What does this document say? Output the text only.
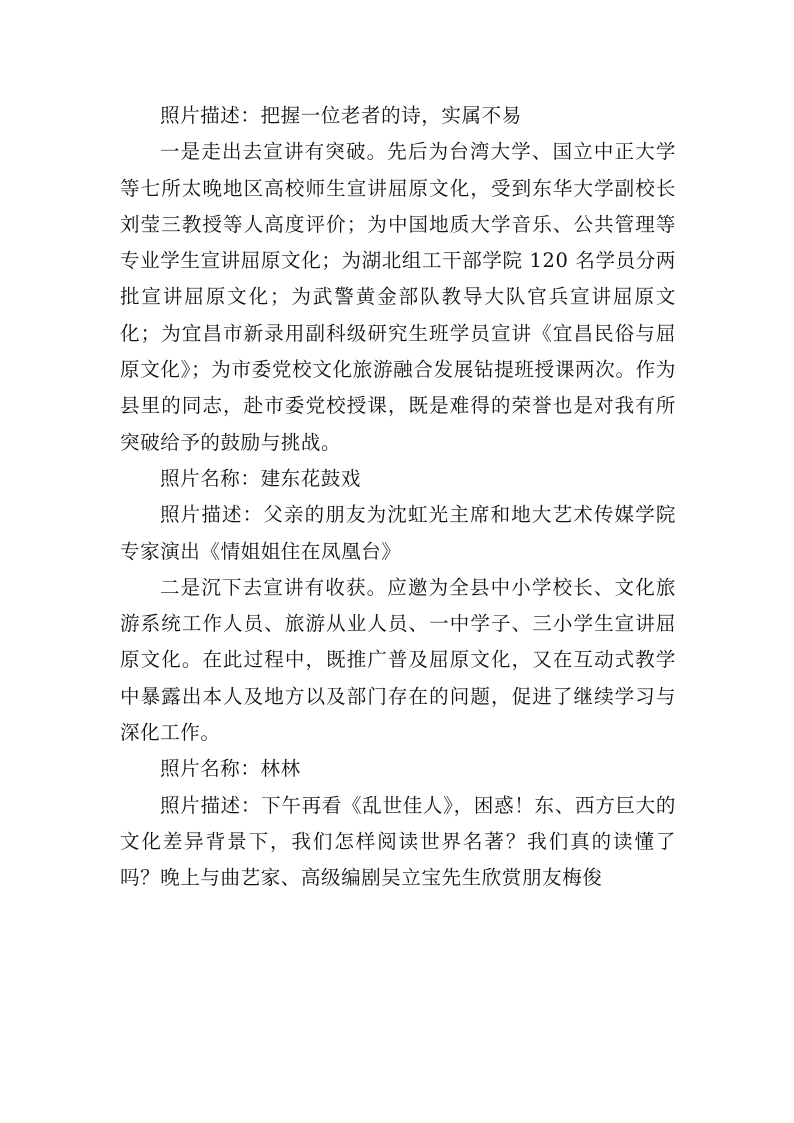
照片描述：把握一位老者的诗，实属不易

一是走出去宣讲有突破。先后为台湾大学、国立中正大学等七所太晚地区高校师生宣讲屈原文化，受到东华大学副校长刘莹三教授等人高度评价；为中国地质大学音乐、公共管理等专业学生宣讲屈原文化；为湖北组工干部学院 120 名学员分两批宣讲屈原文化；为武警黄金部队教导大队官兵宣讲屈原文化；为宜昌市新录用副科级研究生班学员宣讲《宜昌民俗与屈原文化》；为市委党校文化旅游融合发展钻提班授课两次。作为县里的同志，赴市委党校授课，既是难得的荣誉也是对我有所突破给予的鼓励与挑战。

照片名称：建东花鼓戏

照片描述：父亲的朋友为沈虹光主席和地大艺术传媒学院专家演出《情姐姐住在凤凰台》

二是沉下去宣讲有收获。应邀为全县中小学校长、文化旅游系统工作人员、旅游从业人员、一中学子、三小学生宣讲屈原文化。在此过程中，既推广普及屈原文化，又在互动式教学中暴露出本人及地方以及部门存在的问题，促进了继续学习与深化工作。

照片名称：林林

照片描述：下午再看《乱世佳人》，困惑！东、西方巨大的文化差异背景下，我们怎样阅读世界名著？我们真的读懂了吗？晚上与曲艺家、高级编剧吴立宝先生欣赏朋友梅俊
